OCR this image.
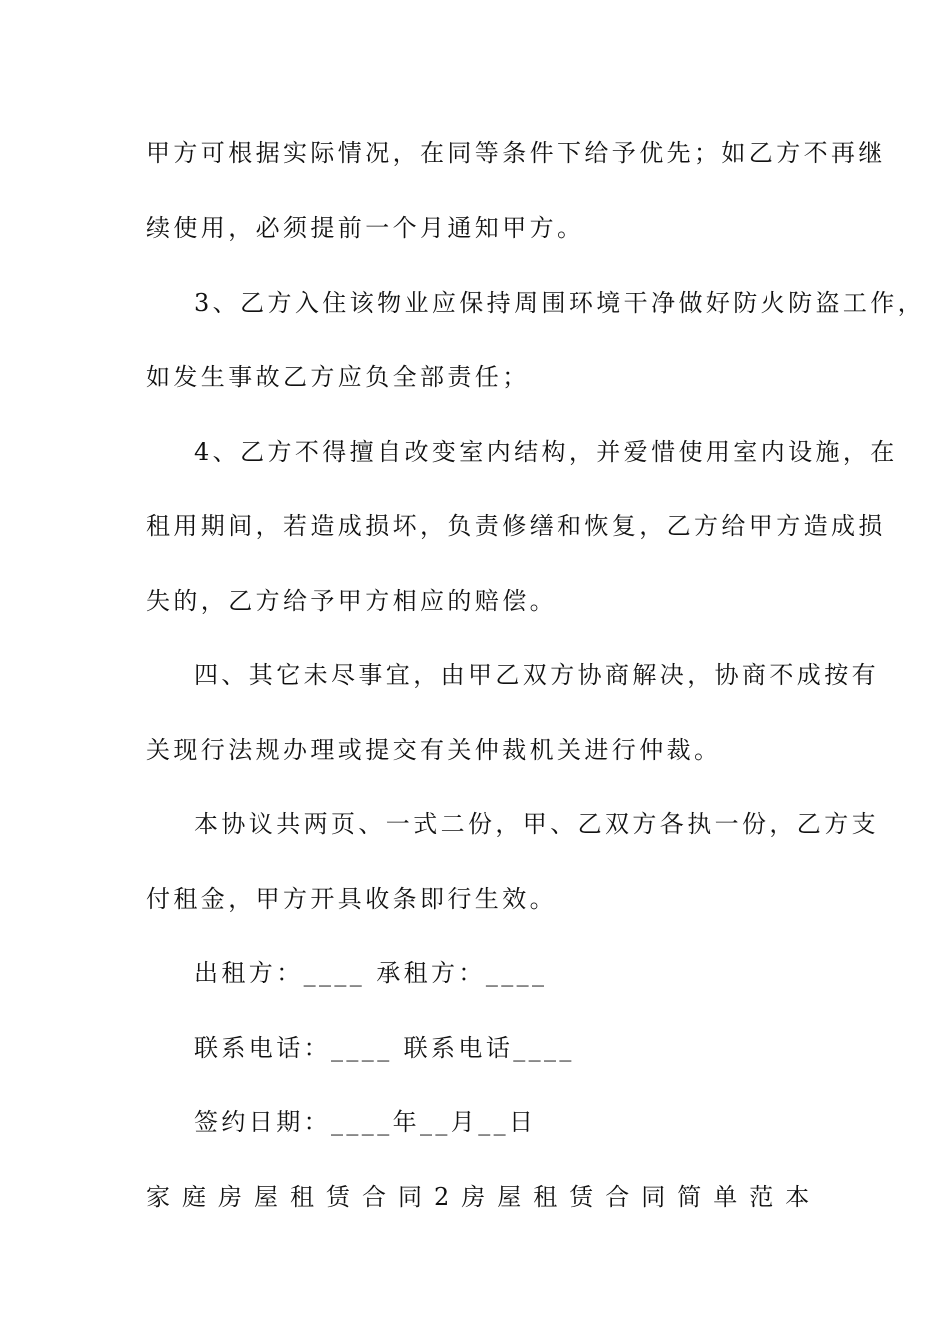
甲方可根据实际情况，在同等条件下给予优先；如乙方不再继
续使用，必须提前一个月通知甲方。
3、乙方入住该物业应保持周围环境干净做好防火防盗工作，
如发生事故乙方应负全部责任；
4、乙方不得擅自改变室内结构，并爱惜使用室内设施，在
租用期间，若造成损坏，负责修缮和恢复，乙方给甲方造成损
失的，乙方给予甲方相应的赔偿。
四、其它未尽事宜，由甲乙双方协商解决，协商不成按有
关现行法规办理或提交有关仲裁机关进行仲裁。
本协议共两页、一式二份，甲、乙双方各执一份，乙方支
付租金，甲方开具收条即行生效。
出租方：____ 承租方：____
联系电话：____ 联系电话____
签约日期：____年__月__日
家庭房屋租赁合同2 房屋租赁合同简单范本
